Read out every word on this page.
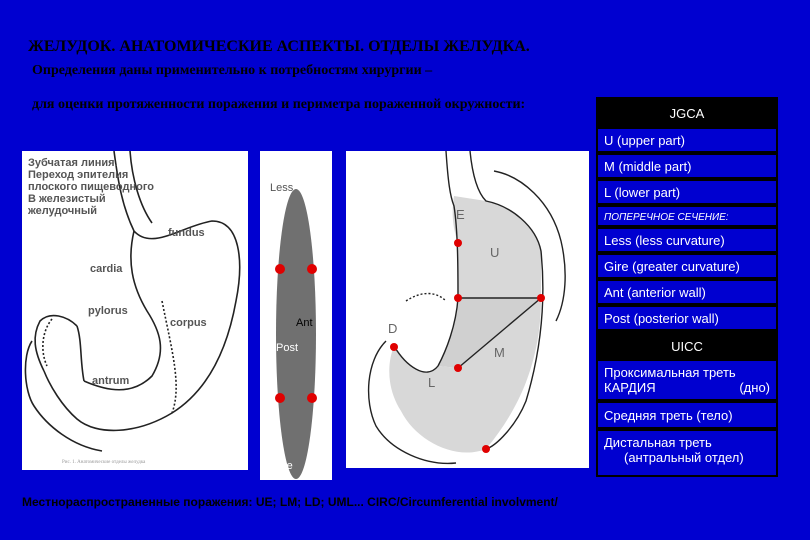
ЖЕЛУДОК. АНАТОМИЧЕСКИЕ АСПЕКТЫ. ОТДЕЛЫ ЖЕЛУДКА.
Определения даны применительно к потребностям хирургии –
для оценки протяженности поражения и периметра пораженной окружности:
Рис. 1. Анатомические отделы желудка
Зубчатая линия. Переход эпителия плоского пищеводного В железистый желудочный
fundus
cardia
pylorus
corpus
antrum
Less
Ant
Post
Gire
E
U
D
M
L
JGCA
U (upper part)
M (middle part)
L (lower part)
ПОПЕРЕЧНОЕ СЕЧЕНИЕ:
Less (less curvature)
Gire (greater curvature)
Ant (anterior wall)
Post (posterior wall)
UICC
Проксимальная треть
КАРДИЯ	(дно)
Средняя треть (тело)
Дистальная треть
(антральный отдел)
Местнораспространенные поражения: UE; LM; LD; UML... CIRC/Circumferential involvment/
